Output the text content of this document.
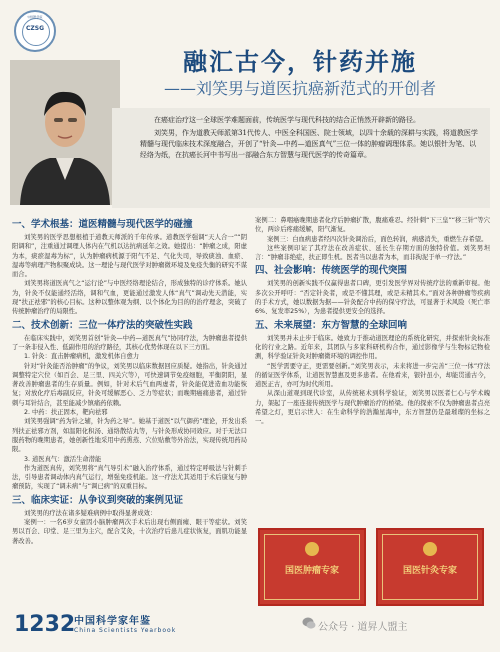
中国科学家
CZSG
融汇古今，针药并施
——刘笑男与道医抗癌新范式的开创者

在癌症治疗这一全球医学难题面前，传统医学与现代科技的结合正悄然开辟新的路径。

刘笑男，作为道教天师派第31代传人、中医全科国医、院士领域，以四十余载的深耕与实践，将道教医学精髓与现代临床技术深度融合，开创了“针灸—中药—道医真气”三位一体的肿瘤调理体系。她以银针为笔、以经络为纸，在抗癌长河中书写出一部融合东方智慧与现代医学的传奇篇章。

一、学术根基：道医精髓与现代医学的碰撞

刘笑男的医学思想根植于道教天师派的千年传承。道教医学强调“天人合一”“阴阳调和”，注重通过调理人体内在气机以达抗病延年之效。她提出：“肿瘤之成，阳虚为本，痰瘀湿毒为标”，认为肿瘤病机源于阳气不足、气化失司，导致痰浊、血瘀、湿毒等病理产物积聚成块。这一理论与现代医学对肿瘤微环境及免疫失衡的研究不谋而合。

刘笑男将道医真气之“运行论”与中医经络理论结合，形成独特的诊疗体系。她认为，针灸不仅能通经活络，调和气血，更能通过激发人体“真气”调动先天潜能，实现“扶正祛邪”的核心目标。这种以整体观为纲、以个体化为目的的治疗理念，突破了传统肿瘤治疗的局限性。

二、技术创新：三位一体疗法的突破性实践

在临床实践中，刘笑男首创“针灸—中药—道医真气”协同疗法，为肿瘤患者提供了一条非侵入性、低副作用的治疗路径，其核心优势体现在以下三方面。

1. 针灸：直击肿瘤病机，激发机体自愈力

针对“针灸能否治肿瘤”的争议，刘笑男以临床数据回应质疑。她指出，针灸通过调整特定穴位（如百会、足三里、四关穴等），可快速调节免疫细胞，平衡阴阳，显著改善肿瘤患者的生存质量。例如，针对术后气血两虚者，针灸能促进造血功能恢复；对放化疗后毒副反应，针灸可缓解恶心、乏力等症状；而晚期癌痛患者，通过针刺与耳针结合，甚至能减少镇痛药依赖。

2. 中药：扶正固本，靶向祛邪

刘笑男强调“药为针之辅，针为药之导”。她基于道医“以气御药”理论，开发出系列扶正祛邪方剂，如温阳化积汤、通络散结丸等，与针灸形成协同效应。对于无法口服药物的晚期患者，她创新性地采用中药熏蒸、穴位贴敷等外治法，实现传统用药局限。

3. 道医真气：激活生命潜能

作为道医真传，刘笑男将“真气导引术”融入治疗体系，通过特定呼吸法与针刺手法，引导患者调动体内真气运行，增强免疫机能。这一疗法尤其适用于术后康复与肿瘤预防，实现了“调未病”与“调已病”的双重目标。

三、临床实证：从争议到突破的案例见证

刘笑男的疗法在诸多疑难病例中取得显著成效：

案例一：一名6岁女童因小脑肿瘤两次手术后出现右侧面瘫、眼干等症状。刘笑男以百会、印堂、足三里为主穴，配合艾灸，十次治疗后患儿症状恢复，面肌功能显著改善。

案例二：鼻咽癌晚期患者化疗后肿瘤扩散，腹痛难忍。经针刺“下三皇”“移三针”等穴位，两诊后疼痛缓解，阳气渐复。

案例三：白血病患者经四次针灸调治后，面色转润，病感消失，重燃生存希望。

这些案例印证了其疗法在改善症状、延长生存期方面的独特价值。刘笑男坦言：“肿瘤非绝症，扶正即生机。医者当以患者为本，而非拘泥于单一疗法。”

四、社会影响：传统医学的现代突围

刘笑男的创新实践不仅赢得患者口碑，更引发医学界对传统疗法的重新审视。他多次公开呼吁：“否定针灸者，或是不懂其理，或是未精其术。”面对各种肿瘤等疾病的手术方式，她以数据为据——针灸配合中药的保守疗法，可显著于术风险（死亡率6%、复发率25%），为患者提供更安全的选择。

五、未来展望：东方智慧的全球回响

刘笑男并未止步于临床。她致力于推动道医理论的系统化研究，并探索针灸标准化的行业之路。近年来，其团队与多家科研机构合作，通过影像学与生物标记物检测，科学验证针灸对肿瘤微环境的调控作用。

“医学需要守正，更需要创新。”刘笑男表示，未来将进一步完善“三位一体”疗法的循证医学体系，让道医智慧惠及更多患者。在他看来，银针虽小，却能贯通古今，道医正古，亦可为时代所用。

从深山道观到现代诊室，从传统秘术到科学验证，刘笑男以医者仁心与学术魄力，架起了一座连接传统医学与现代肿瘤治疗的桥梁。他的探索不仅为肿瘤患者点亮希望之灯，更启示世人：在生命科学的浩瀚星海中，东方智慧仍是最璀璨的坐标之一。

国医肿瘤专家	国医针灸专家
1232
中国科学家年鉴
China Scientists Yearbook	公众号 · 道昇人盟主
